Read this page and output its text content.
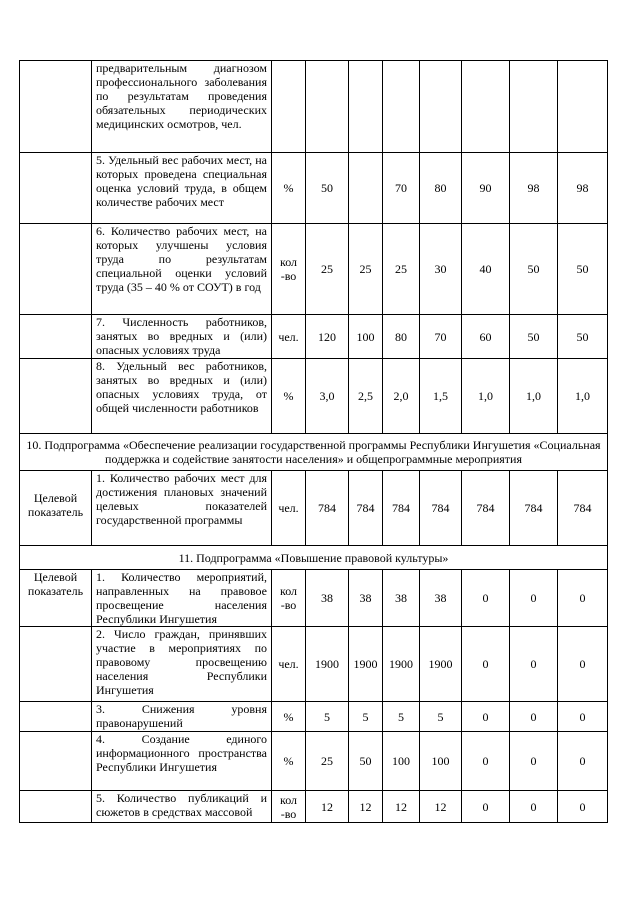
	предварительным диагнозом профессионального заболевания по результатам проведения обязательных периодических медицинских осмотров, чел.								
	5. Удельный вес рабочих мест, на которых проведена специальная оценка условий труда, в общем количестве рабочих мест	%	50		70	80	90	98	98
	6. Количество рабочих мест, на которых улучшены условия труда по результатам специальной оценки условий труда (35 – 40 % от СОУТ) в год	кол -во	25	25	25	30	40	50	50
	7. Численность работников, занятых во вредных и (или) опасных условиях труда	чел.	120	100	80	70	60	50	50
	8. Удельный вес работников, занятых во вредных и (или) опасных условиях труда, от общей численности работников	%	3,0	2,5	2,0	1,5	1,0	1,0	1,0
10. Подпрограмма «Обеспечение реализации государственной программы Республики Ингушетия «Социальная поддержка и содействие занятости населения» и общепрограммные мероприятия									
Целевой показатель	1. Количество рабочих мест для достижения плановых значений целевых показателей государственной программы	чел.	784	784	784	784	784	784	784
11. Подпрограмма «Повышение правовой культуры»									
Целевой показатель	1. Количество мероприятий, направленных на правовое просвещение населения Республики Ингушетия	кол -во	38	38	38	38	0	0	0
	2. Число граждан, принявших участие в мероприятиях по правовому просвещению населения Республики Ингушетия	чел.	1900	1900	1900	1900	0	0	0
	3. Снижения уровня правонарушений	%	5	5	5	5	0	0	0
	4. Создание единого информационного пространства Республики Ингушетия	%	25	50	100	100	0	0	0
	5. Количество публикаций и сюжетов в средствах массовой	кол -во	12	12	12	12	0	0	0
